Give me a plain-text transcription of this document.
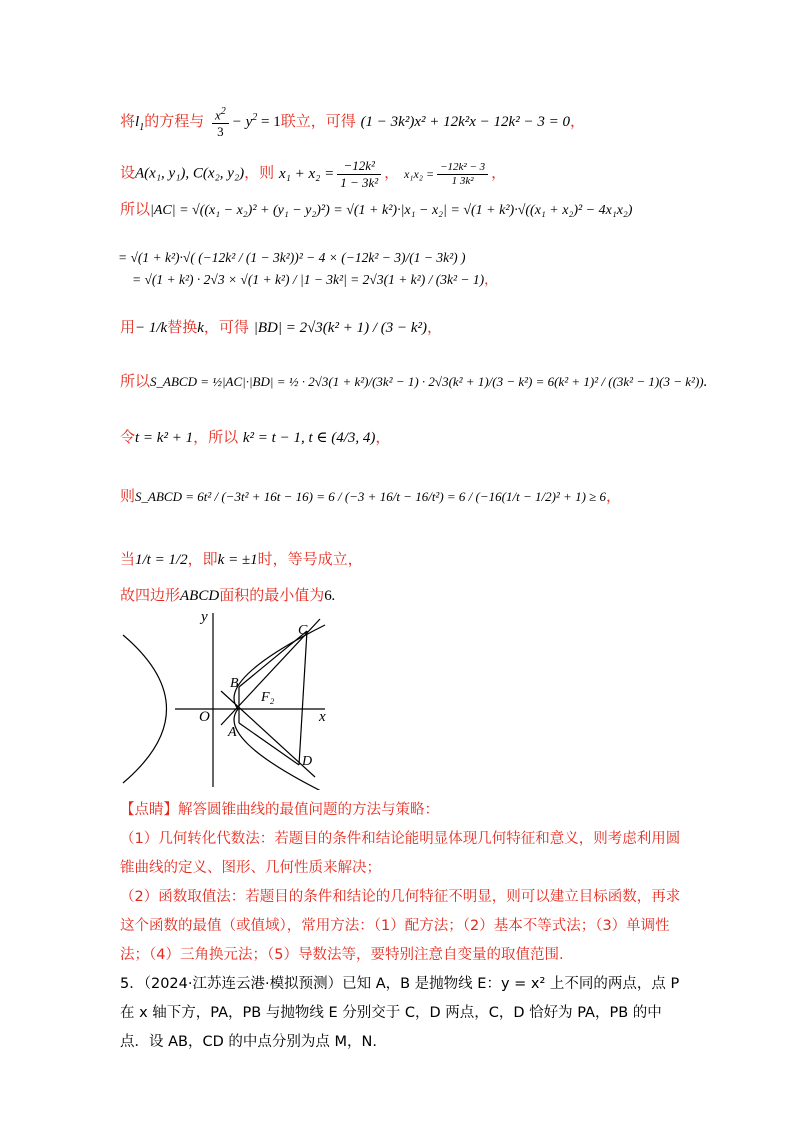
将$l_1$的方程与 $\frac{x^2}{3} - y^2 = 1$联立，可得 (1 − 3k²)x² + 12k²x − 12k² − 3 = 0，
设A(x₁, y₁), C(x₂, y₂)，则 $x_1 + x_2 = \frac{\text{−12k²}}{\text{1 − 3k²}}$ ， $x_1x_2 = \frac{\text{−12k² − 3}}{\text{1 3k²}}$ ，
所以|AC| = √((x₁ − x₂)² + (y₁ − y₂)²) = √(1 + k²)·|x₁ − x₂| = √(1 + k²)·√((x₁ + x₂)² − 4x₁x₂)
= √(1 + k²)·√( (−12k² / (1 − 3k²))² − 4 × (−12k² − 3)/(1 − 3k²) )
= √(1 + k²) · 2√3 × √(1 + k²) / |1 − 3k²| = 2√3(1 + k²) / (3k² − 1)，
用− 1/k替换k，可得 |BD| = 2√3(k² + 1) / (3 − k²)，
所以S_ABCD = ½|AC|·|BD| = ½ · 2√3(1 + k²)/(3k² − 1) · 2√3(k² + 1)/(3 − k²) = 6(k² + 1)² / ((3k² − 1)(3 − k²)).
令t = k² + 1，所以 k² = t − 1, t ∈ (4/3, 4)，
则S_ABCD = 6t² / (−3t² + 16t − 16) = 6 / (−3 + 16/t − 16/t²) = 6 / (−16(1/t − 1/2)² + 1) ≥ 6，
当1/t = 1/2，即k = ±1时，等号成立，
故四边形ABCD面积的最小值为6.
y
x
O
A
B
C
D
F₂
【点睛】解答圆锥曲线的最值问题的方法与策略：
（1）几何转化代数法：若题目的条件和结论能明显体现几何特征和意义，则考虑利用圆锥曲线的定义、图形、几何性质来解决；
（2）函数取值法：若题目的条件和结论的几何特征不明显，则可以建立目标函数，再求这个函数的最值（或值域），常用方法：（1）配方法；（2）基本不等式法；（3）单调性法；（4）三角换元法；（5）导数法等，要特别注意自变量的取值范围.
5．（2024·江苏连云港·模拟预测）已知 A，B 是抛物线 E：y = x² 上不同的两点，点 P 在 x 轴下方，PA，PB 与抛物线 E 分别交于 C，D 两点，C，D 恰好为 PA，PB 的中点．设 AB，CD 的中点分别为点 M，N.
